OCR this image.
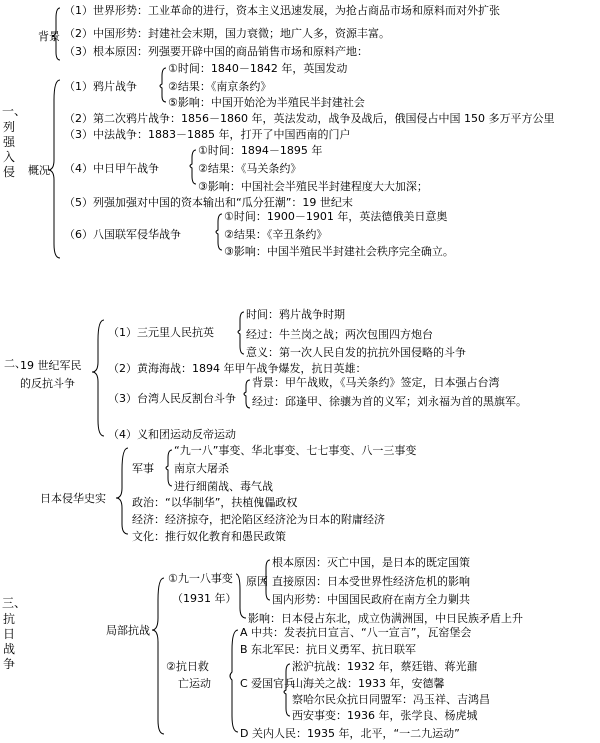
一、
列强入侵
背景
（1）世界形势：工业革命的进行，资本主义迅速发展，为抢占商品市场和原料而对外扩张
（2）中国形势：封建社会末期，国力衰微；地广人多，资源丰富。
（3）根本原因：列强要开辟中国的商品销售市场和原料产地：
概况
（1）鸦片战争
①时间：1840－1842 年，英国发动
②结果：《南京条约》
⑤影响：中国开始沦为半殖民半封建社会
（2）第二次鸦片战争：1856－1860 年，英法发动，战争及战后，俄国侵占中国 150 多万平方公里
（3）中法战争：1883－1885 年，打开了中国西南的门户
（4）中日甲午战争
①时间：1894－1895 年
②结果：《马关条约》
③影响：中国社会半殖民半封建程度大大加深；
（5）列强加强对中国的资本输出和“瓜分狂潮”：19 世纪末
（6）八国联军侵华战争
①时间：1900－1901 年，英法德俄美日意奥
②结果：《辛丑条约》
③影响：中国半殖民半封建社会秩序完全确立。
二、
19 世纪军民的反抗斗争
（1）三元里人民抗英
时间：鸦片战争时期
经过：牛兰岗之战；两次包围四方炮台
意义：第一次人民自发的抗抗外国侵略的斗争
（2）黄海海战：1894 年甲午战争爆发，抗日英雄：
（3）台湾人民反割台斗争
背景：甲午战败，《马关条约》签定，日本强占台湾
经过：邱逢甲、徐骧为首的义军；刘永福为首的黑旗军。
（4）义和团运动反帝运动
日本侵华史实
军事
“九一八”事变、华北事变、七七事变、八一三事变
南京大屠杀
进行细菌战、毒气战
政治：“以华制华”，扶植傀儡政权
经济：经济掠夺，把沦陷区经济沦为日本的附庸经济
文化：推行奴化教育和愚民政策
三、
抗日战争
局部抗战
①九一八事变
（1931 年）
原因
根本原因：灭亡中国，是日本的既定国策
直接原因：日本受世界性经济危机的影响
国内形势：中国国民政府在南方全力剿共
影响：日本侵占东北，成立伪满洲国，中日民族矛盾上升
②抗日救
亡运动
A 中共：发表抗日宣言、“八一宣言”，瓦窑堡会
B 东北军民：抗日义勇军、抗日联军
C 爱国官兵
淞沪抗战：1932 年，蔡廷锴、蒋光鼐
山海关之战：1933 年，安德馨
察哈尔民众抗日同盟军：冯玉祥、吉鸿昌
西安事变：1936 年，张学良、杨虎城
D 关内人民：1935 年，北平，“一二九运动”
